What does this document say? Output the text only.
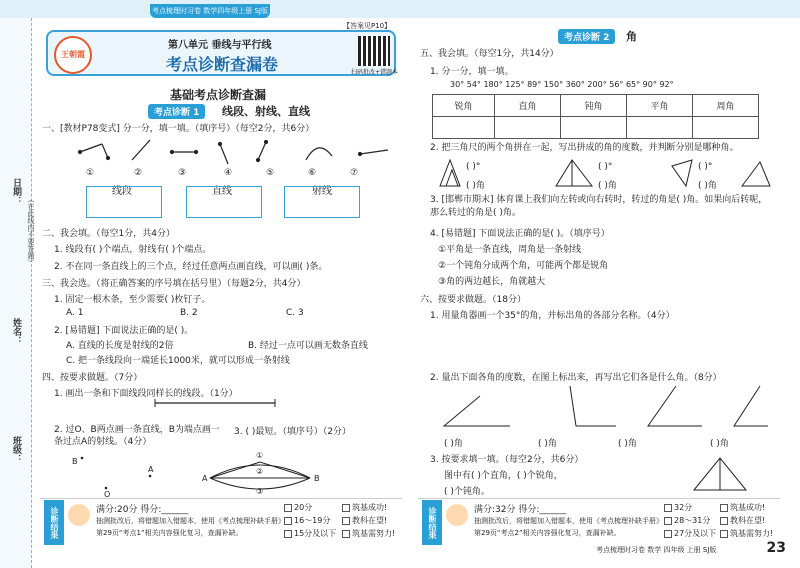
考点梳理时习卷 数学四年级上册 SJ版
【答案见P10】
日期：
（在此线内不要答题）
姓名：
班级：
王朝霞
第八单元 垂线与平行线
考点诊断查漏卷	扫码批改+错题本
基础考点诊断查漏
考点诊断 1	线段、射线、直线
一、[教材P78变式] 分一分，填一填。（填序号）（每空2分，共6分）
①	②	③	④	⑤	⑥	⑦
线段	直线	射线
二、我会填。（每空1分，共4分）
1. 线段有( )个端点，射线有( )个端点。
2. 不在同一条直线上的三个点，经过任意两点画直线，可以画( )条。
三、我会选。（将正确答案的序号填在括号里）（每题2分，共4分）
1. 固定一根木条，至少需要( )枚钉子。
A. 1	B. 2	C. 3
2. [易错题] 下面说法正确的是( )。
A. 直线的长度是射线的2倍	B. 经过一点可以画无数条直线
C. 把一条线段向一端延长1000米，就可以形成一条射线
四、按要求做题。（7分）
1. 画出一条和下面线段同样长的线段。（1分）
2. 过O、B两点画一条直线，B为端点画一条过点A的射线。（4分）
3. ( )最短。（填序号）（2分）
B
A
O
A	B
①
②
③
诊断结果	满分:20分 得分:______
抽测批改后，将错题加入错题本，使用《考点梳理补缺手册》
第29页“考点1”相关内容强化复习，查漏补缺。
20分
16～19分
15分及以下
筑基成功!
教科在望!
筑基需努力!
考点诊断 2	角
五、我会填。（每空1分，共14分）
1. 分一分，填一填。
30° 54° 180° 125° 89° 150° 360° 200° 56° 65° 90° 92°
锐角	直角	钝角	平角	周角

2. 把三角尺的两个角拼在一起，写出拼成的角的度数，并判断分别是哪种角。
( )°
( )角
( )°
( )角
( )°
( )角
3. [邯郸市期末] 体育课上我们向左转或向右转时，转过的角是( )角。如果向后转呢，那么转过的角是( )角。
4. [易错题] 下面说法正确的是( )。（填序号）
①平角是一条直线，周角是一条射线
②一个钝角分成两个角，可能两个都是锐角
③角的两边越长，角就越大
六、按要求做题。（18分）
1. 用量角器画一个35°的角，并标出角的各部分名称。（4分）
2. 量出下面各角的度数，在图上标出来，再写出它们各是什么角。（8分）
( )角	( )角	( )角	( )角
3. 按要求填一填。（每空2分，共6分）
图中有( )个直角，( )个锐角，
( )个钝角。
诊断结果	满分:32分 得分:______
抽测批改后，将错题加入错题本，使用《考点梳理补缺手册》
第29页“考点2”相关内容强化复习，查漏补缺。
32分
28～31分
27分及以下
筑基成功!
教科在望!
筑基需努力!
考点梳理时习卷 数学 四年级 上册 SJ版	23
